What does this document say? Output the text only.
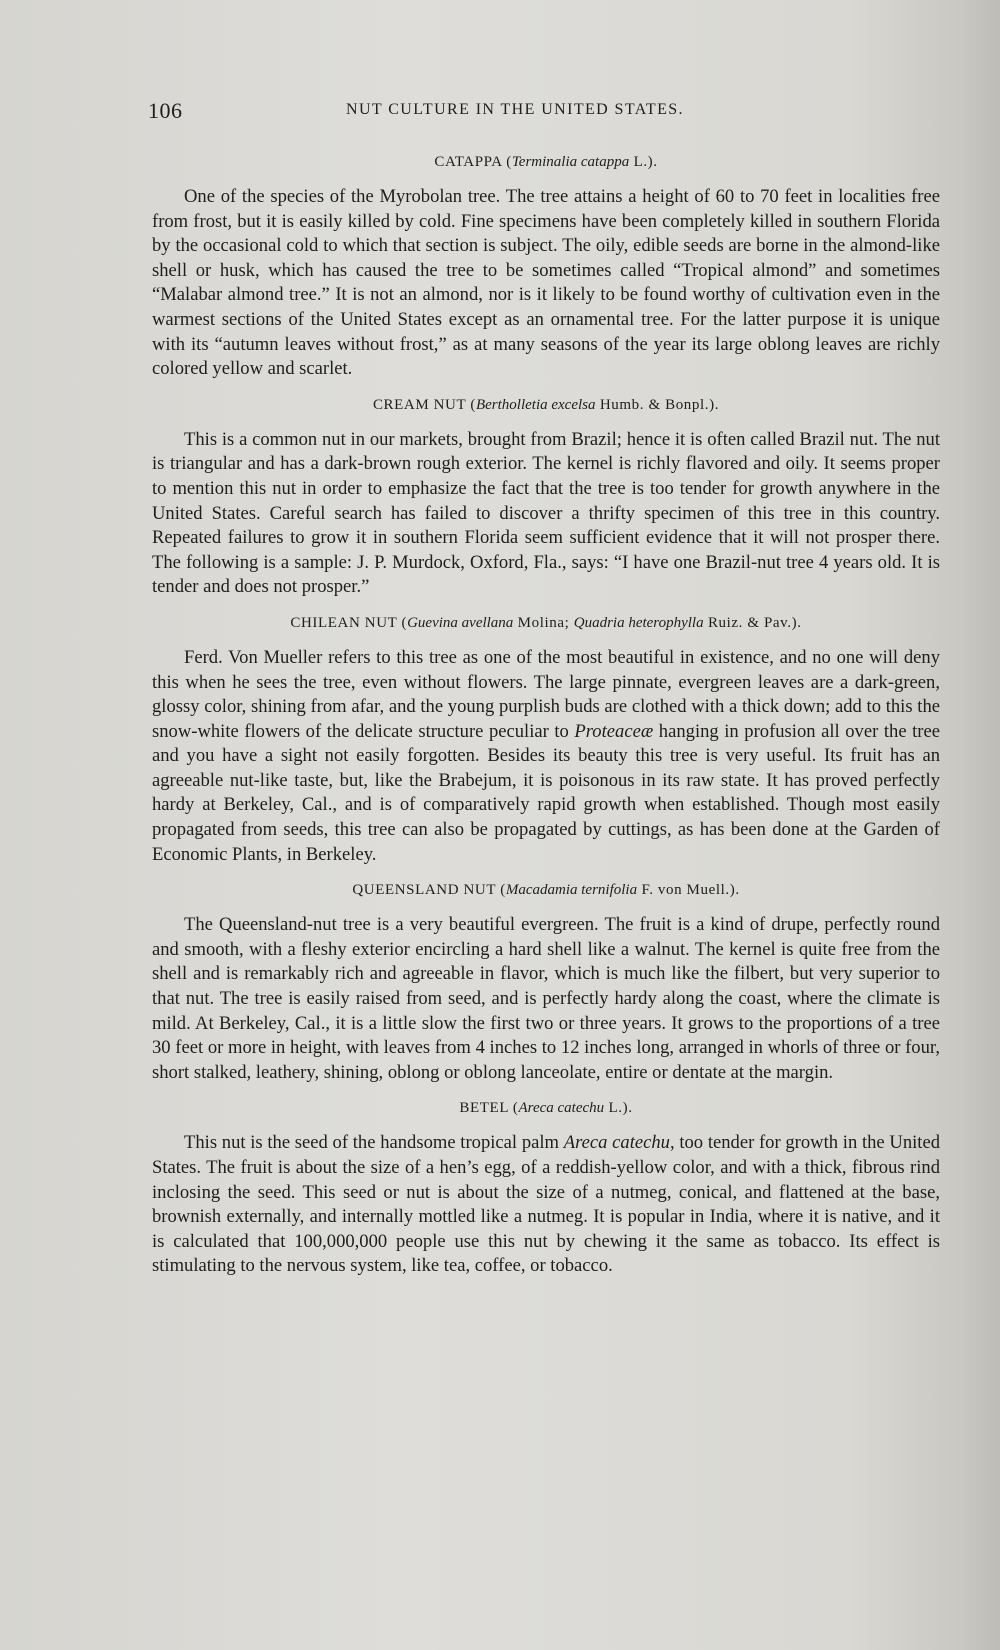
106	NUT CULTURE IN THE UNITED STATES.
CATAPPA (Terminalia catappa L.).

One of the species of the Myrobolan tree. The tree attains a height of 60 to 70 feet in localities free from frost, but it is easily killed by cold. Fine specimens have been completely killed in southern Florida by the occasional cold to which that section is subject. The oily, edible seeds are borne in the almond-like shell or husk, which has caused the tree to be sometimes called “Tropical almond” and sometimes “Malabar almond tree.” It is not an almond, nor is it likely to be found worthy of cultivation even in the warmest sections of the United States except as an ornamental tree. For the latter purpose it is unique with its “autumn leaves without frost,” as at many seasons of the year its large oblong leaves are richly colored yellow and scarlet.

CREAM NUT (Bertholletia excelsa Humb. & Bonpl.).

This is a common nut in our markets, brought from Brazil; hence it is often called Brazil nut. The nut is triangular and has a dark-brown rough exterior. The kernel is richly flavored and oily. It seems proper to mention this nut in order to emphasize the fact that the tree is too tender for growth anywhere in the United States. Careful search has failed to discover a thrifty specimen of this tree in this country. Repeated failures to grow it in southern Florida seem sufficient evidence that it will not prosper there. The following is a sample: J. P. Murdock, Oxford, Fla., says: “I have one Brazil-nut tree 4 years old. It is tender and does not prosper.”

CHILEAN NUT (Guevina avellana Molina; Quadria heterophylla Ruiz. & Pav.).

Ferd. Von Mueller refers to this tree as one of the most beautiful in existence, and no one will deny this when he sees the tree, even without flowers. The large pinnate, evergreen leaves are a dark-green, glossy color, shining from afar, and the young purplish buds are clothed with a thick down; add to this the snow-white flowers of the delicate structure peculiar to Proteaceæ hanging in profusion all over the tree and you have a sight not easily forgotten. Besides its beauty this tree is very useful. Its fruit has an agreeable nut-like taste, but, like the Brabejum, it is poisonous in its raw state. It has proved perfectly hardy at Berkeley, Cal., and is of comparatively rapid growth when established. Though most easily propagated from seeds, this tree can also be propagated by cuttings, as has been done at the Garden of Economic Plants, in Berkeley.

QUEENSLAND NUT (Macadamia ternifolia F. von Muell.).

The Queensland-nut tree is a very beautiful evergreen. The fruit is a kind of drupe, perfectly round and smooth, with a fleshy exterior encircling a hard shell like a walnut. The kernel is quite free from the shell and is remarkably rich and agreeable in flavor, which is much like the filbert, but very superior to that nut. The tree is easily raised from seed, and is perfectly hardy along the coast, where the climate is mild. At Berkeley, Cal., it is a little slow the first two or three years. It grows to the proportions of a tree 30 feet or more in height, with leaves from 4 inches to 12 inches long, arranged in whorls of three or four, short stalked, leathery, shining, oblong or oblong lanceolate, entire or dentate at the margin.

BETEL (Areca catechu L.).

This nut is the seed of the handsome tropical palm Areca catechu, too tender for growth in the United States. The fruit is about the size of a hen’s egg, of a reddish-yellow color, and with a thick, fibrous rind inclosing the seed. This seed or nut is about the size of a nutmeg, conical, and flattened at the base, brownish externally, and internally mottled like a nutmeg. It is popular in India, where it is native, and it is calculated that 100,000,000 people use this nut by chewing it the same as tobacco. Its effect is stimulating to the nervous system, like tea, coffee, or tobacco.
